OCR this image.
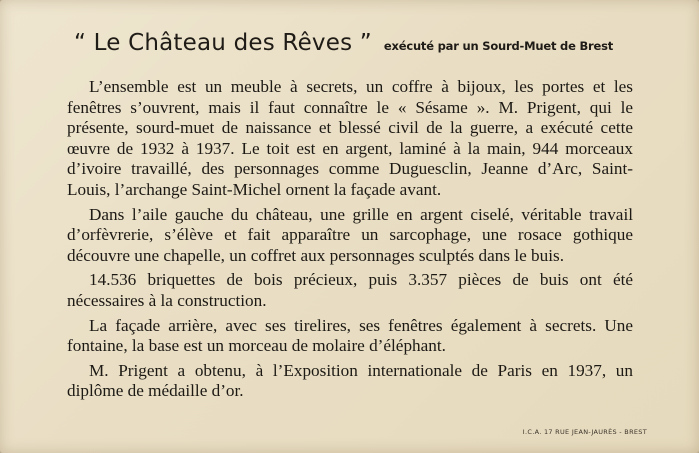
“ Le Château des Rêves ” exécuté par un Sourd-Muet de Brest

L’ensemble est un meuble à secrets, un coffre à bijoux, les portes et les fenêtres s’ouvrent, mais il faut connaître le « Sésame ». M. Prigent, qui le présente, sourd-muet de naissance et blessé civil de la guerre, a exécuté cette œuvre de 1932 à 1937. Le toit est en argent, laminé à la main, 944 morceaux d’ivoire travaillé, des personnages comme Duguesclin, Jeanne d’Arc, Saint-Louis, l’archange Saint-Michel ornent la façade avant.

Dans l’aile gauche du château, une grille en argent ciselé, véritable travail d’orfèvrerie, s’élève et fait apparaître un sarcophage, une rosace gothique découvre une chapelle, un coffret aux personnages sculptés dans le buis.

14.536 briquettes de bois précieux, puis 3.357 pièces de buis ont été nécessaires à la construction.

La façade arrière, avec ses tirelires, ses fenêtres également à secrets. Une fontaine, la base est un morceau de molaire d’éléphant.

M. Prigent a obtenu, à l’Exposition internationale de Paris en 1937, un diplôme de médaille d’or.

I.C.A. 17 RUE JEAN-JAURÈS - BREST
